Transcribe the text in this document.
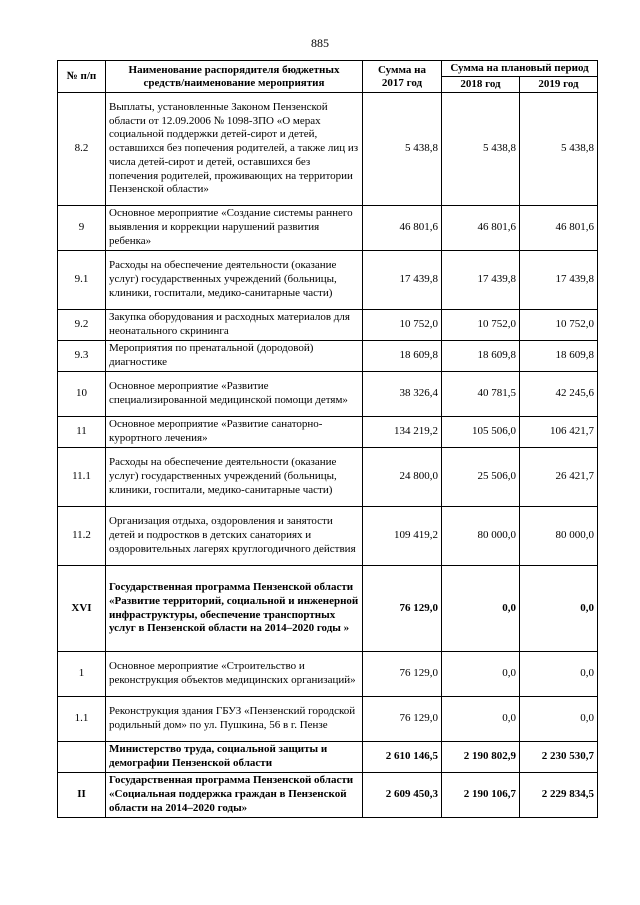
885
№ п/п	Наименование распорядителя бюджетных средств/наименование мероприятия	Сумма на 2017 год	Сумма на плановый период	
			2018 год	2019 год
8.2	Выплаты, установленные Законом Пензенской области от 12.09.2006 № 1098-ЗПО «О мерах социальной поддержки детей-сирот и детей, оставшихся без попечения родителей, а также лиц из числа детей-сирот и детей, оставшихся без попечения родителей, проживающих на территории Пензенской области»	5 438,8	5 438,8	5 438,8
9	Основное мероприятие «Создание системы раннего выявления и коррекции нарушений развития ребенка»	46 801,6	46 801,6	46 801,6
9.1	Расходы на обеспечение деятельности (оказание услуг) государственных учреждений (больницы, клиники, госпитали, медико-санитарные части)	17 439,8	17 439,8	17 439,8
9.2	Закупка оборудования и расходных материалов для неонатального скрининга	10 752,0	10 752,0	10 752,0
9.3	Мероприятия по пренатальной (дородовой) диагностике	18 609,8	18 609,8	18 609,8
10	Основное мероприятие «Развитие специализированной медицинской помощи детям»	38 326,4	40 781,5	42 245,6
11	Основное мероприятие «Развитие санаторно-курортного лечения»	134 219,2	105 506,0	106 421,7
11.1	Расходы на обеспечение деятельности (оказание услуг) государственных учреждений (больницы, клиники, госпитали, медико-санитарные части)	24 800,0	25 506,0	26 421,7
11.2	Организация отдыха, оздоровления и занятости детей и подростков в детских санаториях и оздоровительных лагерях круглогодичного действия	109 419,2	80 000,0	80 000,0
XVI	Государственная программа Пензенской области «Развитие территорий, социальной и инженерной инфраструктуры, обеспечение транспортных услуг в Пензенской области на 2014–2020 годы »	76 129,0	0,0	0,0
1	Основное мероприятие «Строительство и реконструкция объектов медицинских организаций»	76 129,0	0,0	0,0
1.1	Реконструкция здания ГБУЗ «Пензенский городской родильный дом» по ул. Пушкина, 56 в г. Пензе	76 129,0	0,0	0,0
	Министерство труда, социальной защиты и демографии Пензенской области	2 610 146,5	2 190 802,9	2 230 530,7
II	Государственная программа Пензенской области «Социальная поддержка граждан в Пензенской области на 2014–2020 годы»	2 609 450,3	2 190 106,7	2 229 834,5
